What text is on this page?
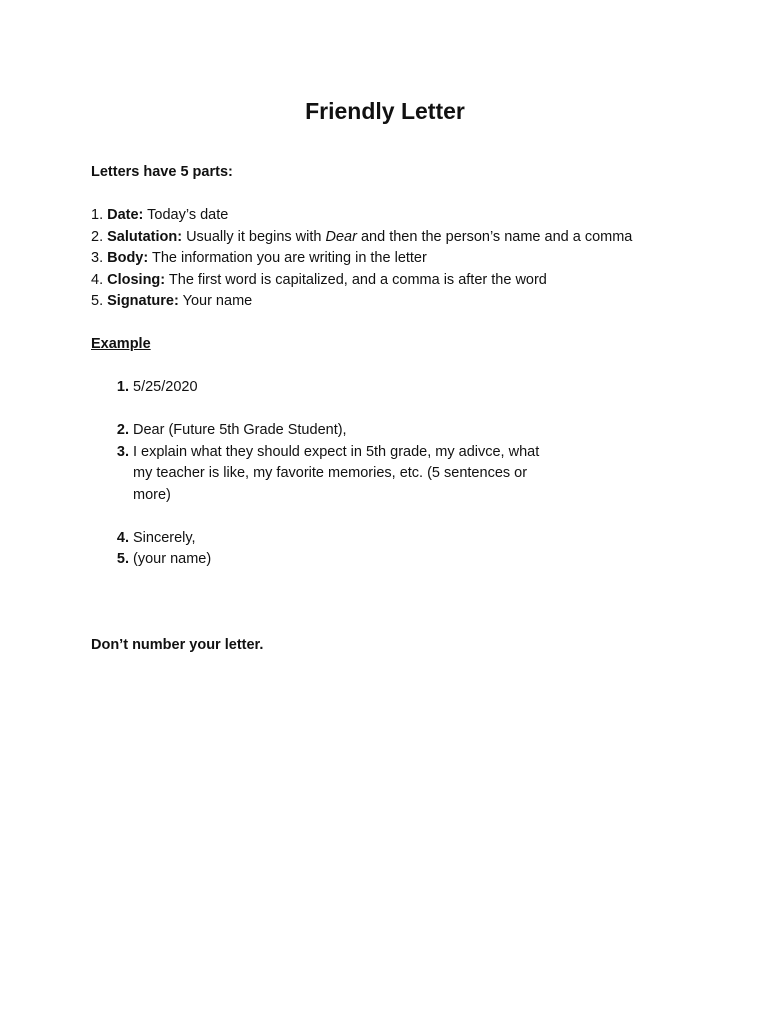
Friendly Letter

Letters have 5 parts:

1. Date: Today’s date

2. Salutation: Usually it begins with Dear and then the person’s name and a comma

3. Body: The information you are writing in the letter

4. Closing: The first word is capitalized, and a comma is after the word

5. Signature: Your name

Example

1. 5/25/2020
2. Dear (Future 5th Grade Student),
3. I explain what they should expect in 5th grade, my adivce, what my teacher is like, my favorite memories, etc. (5 sentences or more)
4. Sincerely,
5. (your name)

Don’t number your letter.
